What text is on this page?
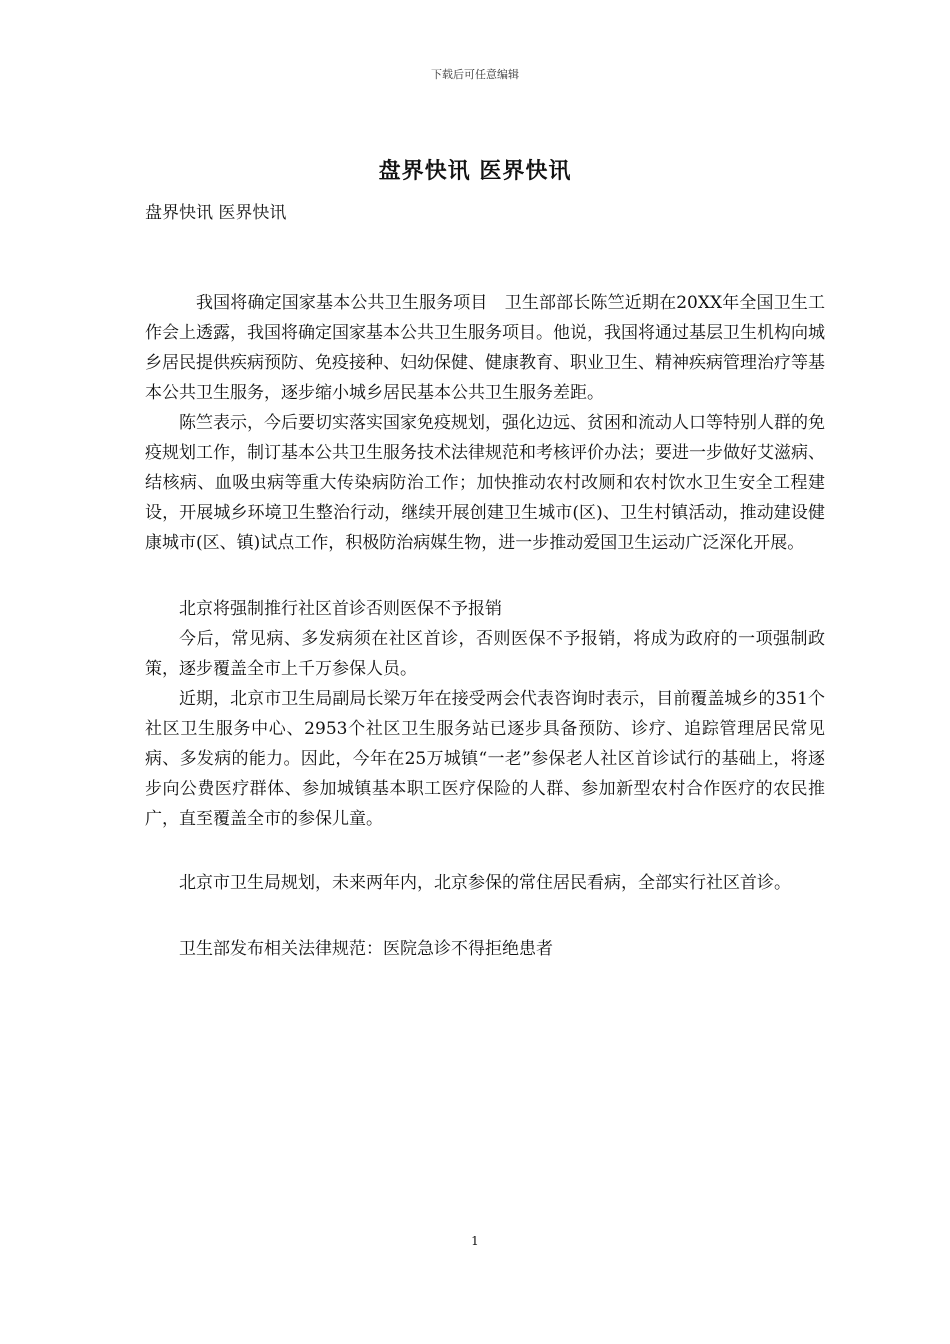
下载后可任意编辑
盘界快讯 医界快讯

盘界快讯 医界快讯

我国将确定国家基本公共卫生服务项目　卫生部部长陈竺近期在20XX年全国卫生工作会上透露，我国将确定国家基本公共卫生服务项目。他说，我国将通过基层卫生机构向城乡居民提供疾病预防、免疫接种、妇幼保健、健康教育、职业卫生、精神疾病管理治疗等基本公共卫生服务，逐步缩小城乡居民基本公共卫生服务差距。

陈竺表示，今后要切实落实国家免疫规划，强化边远、贫困和流动人口等特别人群的免疫规划工作，制订基本公共卫生服务技术法律规范和考核评价办法；要进一步做好艾滋病、结核病、血吸虫病等重大传染病防治工作；加快推动农村改厕和农村饮水卫生安全工程建设，开展城乡环境卫生整治行动，继续开展创建卫生城市(区)、卫生村镇活动，推动建设健康城市(区、镇)试点工作，积极防治病媒生物，进一步推动爱国卫生运动广泛深化开展。

北京将强制推行社区首诊否则医保不予报销

今后，常见病、多发病须在社区首诊，否则医保不予报销，将成为政府的一项强制政策，逐步覆盖全市上千万参保人员。

近期，北京市卫生局副局长梁万年在接受两会代表咨询时表示，目前覆盖城乡的351个社区卫生服务中心、2953个社区卫生服务站已逐步具备预防、诊疗、追踪管理居民常见病、多发病的能力。因此，今年在25万城镇“一老”参保老人社区首诊试行的基础上，将逐步向公费医疗群体、参加城镇基本职工医疗保险的人群、参加新型农村合作医疗的农民推广，直至覆盖全市的参保儿童。

北京市卫生局规划，未来两年内，北京参保的常住居民看病，全部实行社区首诊。

卫生部发布相关法律规范：医院急诊不得拒绝患者

1
